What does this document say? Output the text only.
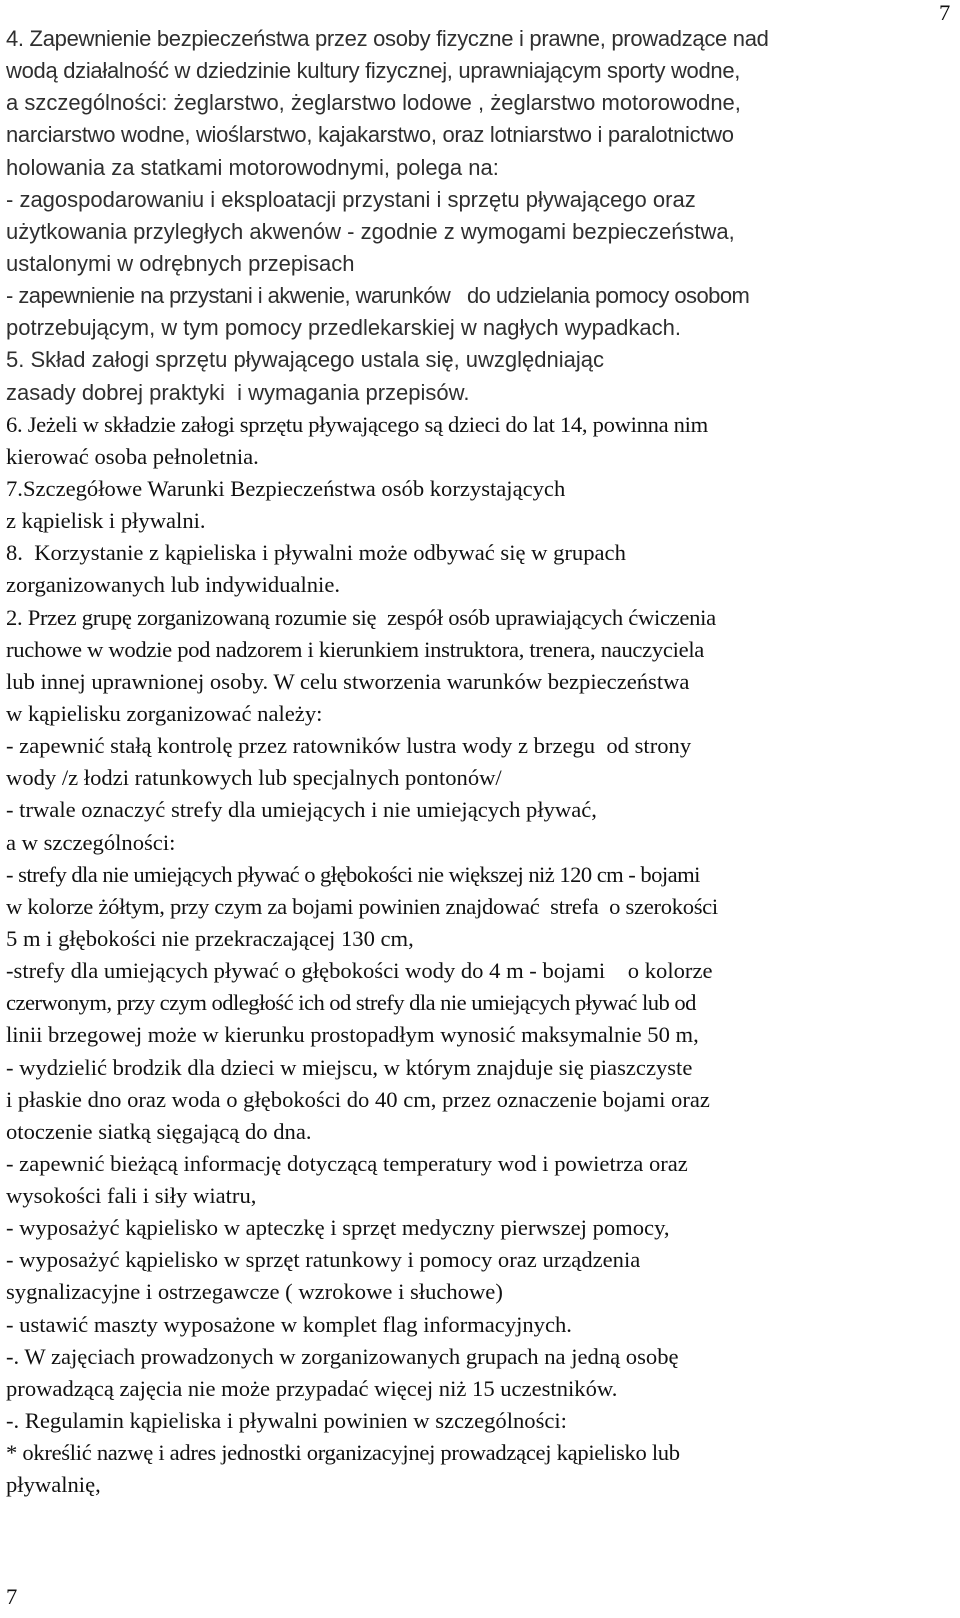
7
4. Zapewnienie bezpieczeństwa przez osoby fizyczne i prawne, prowadzące nad
wodą działalność w dziedzinie kultury fizycznej, uprawniającym sporty wodne,
a szczególności: żeglarstwo, żeglarstwo lodowe , żeglarstwo motorowodne,
narciarstwo wodne, wioślarstwo, kajakarstwo, oraz lotniarstwo i paralotnictwo
holowania za statkami motorowodnymi, polega na:
- zagospodarowaniu i eksploatacji przystani i sprzętu pływającego oraz
użytkowania przyległych akwenów - zgodnie z wymogami bezpieczeństwa,
ustalonymi w odrębnych przepisach
- zapewnienie na przystani i akwenie, warunków   do udzielania pomocy osobom
potrzebującym, w tym pomocy przedlekarskiej w nagłych wypadkach.
5. Skład załogi sprzętu pływającego ustala się, uwzględniając
zasady dobrej praktyki  i wymagania przepisów.
6. Jeżeli w składzie załogi sprzętu pływającego są dzieci do lat 14, powinna nim
kierować osoba pełnoletnia.
7.Szczegółowe Warunki Bezpieczeństwa osób korzystających
z kąpielisk i pływalni.
8.  Korzystanie z kąpieliska i pływalni może odbywać się w grupach
zorganizowanych lub indywidualnie.
2. Przez grupę zorganizowaną rozumie się  zespół osób uprawiających ćwiczenia
ruchowe w wodzie pod nadzorem i kierunkiem instruktora, trenera, nauczyciela
lub innej uprawnionej osoby. W celu stworzenia warunków bezpieczeństwa
w kąpielisku zorganizować należy:
- zapewnić stałą kontrolę przez ratowników lustra wody z brzegu  od strony
wody /z łodzi ratunkowych lub specjalnych pontonów/
- trwale oznaczyć strefy dla umiejących i nie umiejących pływać,
a w szczególności:
- strefy dla nie umiejących pływać o głębokości nie większej niż 120 cm - bojami
w kolorze żółtym, przy czym za bojami powinien znajdować  strefa  o szerokości
5 m i głębokości nie przekraczającej 130 cm,
-strefy dla umiejących pływać o głębokości wody do 4 m - bojami    o kolorze
czerwonym, przy czym odległość ich od strefy dla nie umiejących pływać lub od
linii brzegowej może w kierunku prostopadłym wynosić maksymalnie 50 m,
- wydzielić brodzik dla dzieci w miejscu, w którym znajduje się piaszczyste
i płaskie dno oraz woda o głębokości do 40 cm, przez oznaczenie bojami oraz
otoczenie siatką sięgającą do dna.
- zapewnić bieżącą informację dotyczącą temperatury wod i powietrza oraz
wysokości fali i siły wiatru,
- wyposażyć kąpielisko w apteczkę i sprzęt medyczny pierwszej pomocy,
- wyposażyć kąpielisko w sprzęt ratunkowy i pomocy oraz urządzenia
sygnalizacyjne i ostrzegawcze ( wzrokowe i słuchowe)
- ustawić maszty wyposażone w komplet flag informacyjnych.
-. W zajęciach prowadzonych w zorganizowanych grupach na jedną osobę
prowadzącą zajęcia nie może przypadać więcej niż 15 uczestników.
-. Regulamin kąpieliska i pływalni powinien w szczególności:
* określić nazwę i adres jednostki organizacyjnej prowadzącej kąpielisko lub
pływalnię,
7
